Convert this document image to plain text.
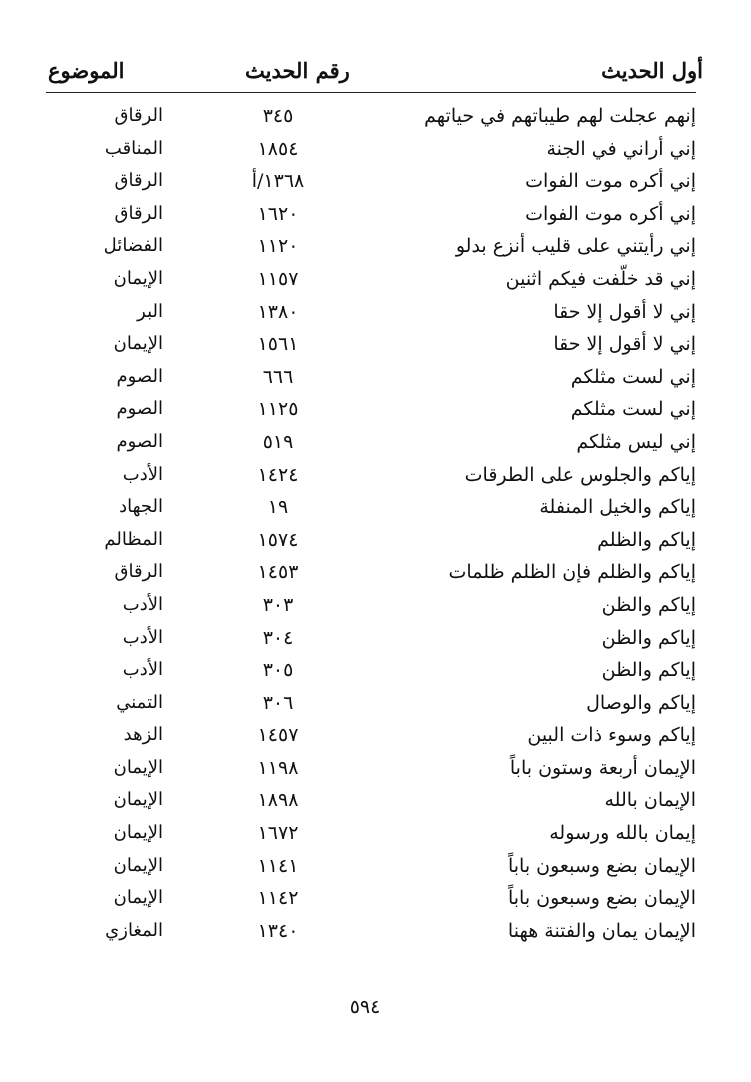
أول الحديث
رقم الحديث
الموضوع
إنهم عجلت لهم طيباتهم في حياتهم
٣٤٥
الرقاق
إني أراني في الجنة
١٨٥٤
المناقب
إني أكره موت الفوات
١٣٦٨/أ
الرقاق
إني أكره موت الفوات
١٦٢٠
الرقاق
إني رأيتني على قليب أنزع بدلو
١١٢٠
الفضائل
إني قد خلّفت فيكم اثنين
١١٥٧
الإيمان
إني لا أقول إلا حقا
١٣٨٠
البر
إني لا أقول إلا حقا
١٥٦١
الإيمان
إني لست مثلكم
٦٦٦
الصوم
إني لست مثلكم
١١٢٥
الصوم
إني ليس مثلكم
٥١٩
الصوم
إياكم والجلوس على الطرقات
١٤٢٤
الأدب
إياكم والخيل المنفلة
١٩
الجهاد
إياكم والظلم
١٥٧٤
المظالم
إياكم والظلم فإن الظلم ظلمات
١٤٥٣
الرقاق
إياكم والظن
٣٠٣
الأدب
إياكم والظن
٣٠٤
الأدب
إياكم والظن
٣٠٥
الأدب
إياكم والوصال
٣٠٦
التمني
إياكم وسوء ذات البين
١٤٥٧
الزهد
الإيمان أربعة وستون باباً
١١٩٨
الإيمان
الإيمان بالله
١٨٩٨
الإيمان
إيمان بالله ورسوله
١٦٧٢
الإيمان
الإيمان بضع وسبعون باباً
١١٤١
الإيمان
الإيمان بضع وسبعون باباً
١١٤٢
الإيمان
الإيمان يمان والفتنة ههنا
١٣٤٠
المغازي
٥٩٤
